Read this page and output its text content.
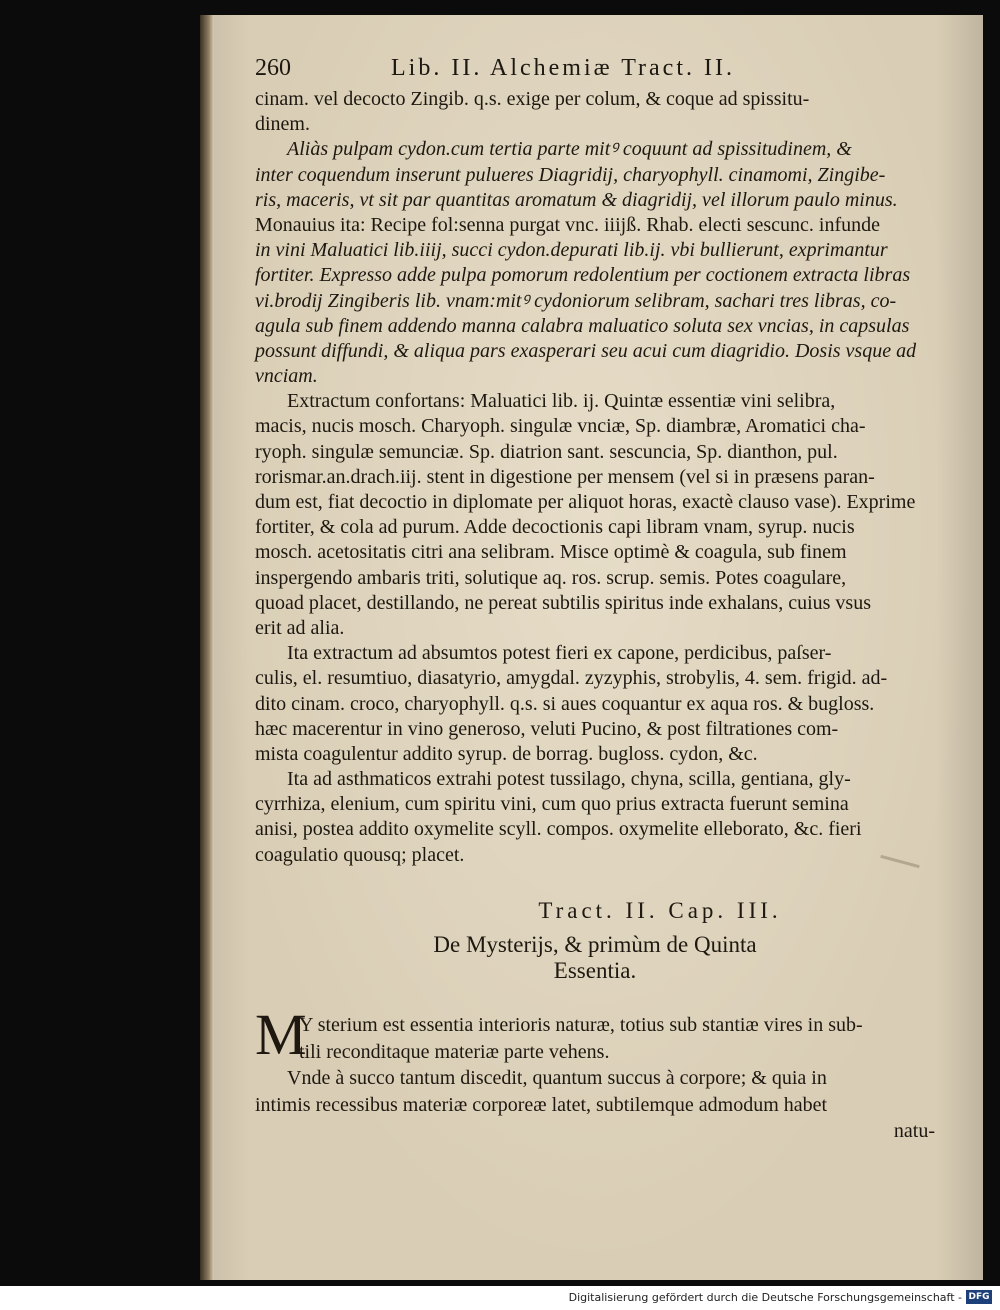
260	Lib. II. Alchemiæ Tract. II.
cinam. vel decocto Zingib. q.s. exige per colum, & coque ad spissitu-
dinem.
Aliàs pulpam cydon.cum tertia parte mitꝰ coquunt ad spissitudinem, &
inter coquendum inserunt pulueres Diagridij, charyophyll. cinamomi, Zingibe-
ris, maceris, vt sit par quantitas aromatum & diagridij, vel illorum paulo minus.
Monauius ita: Recipe fol:senna purgat vnc. iiijß. Rhab. electi sescunc. infunde
in vini Maluatici lib.iiij, succi cydon.depurati lib.ij. vbi bullierunt, exprimantur
fortiter. Expresso adde pulpa pomorum redolentium per coctionem extracta libras
vi.brodij Zingiberis lib. vnam:mitꝰ cydoniorum selibram, sachari tres libras, co-
agula sub finem addendo manna calabra maluatico soluta sex vncias, in capsulas
possunt diffundi, & aliqua pars exasperari seu acui cum diagridio. Dosis vsque ad
vnciam.
Extractum confortans: Maluatici lib. ij. Quintæ essentiæ vini selibra,
macis, nucis mosch. Charyoph. singulæ vnciæ, Sp. diambræ, Aromatici cha-
ryoph. singulæ semunciæ. Sp. diatrion sant. sescuncia, Sp. dianthon, pul.
rorismar.an.drach.iij. stent in digestione per mensem (vel si in præsens paran-
dum est, fiat decoctio in diplomate per aliquot horas, exactè clauso vase). Exprime
fortiter, & cola ad purum. Adde decoctionis capi libram vnam, syrup. nucis
mosch. acetositatis citri ana selibram. Misce optimè & coagula, sub finem
inspergendo ambaris triti, solutique aq. ros. scrup. semis. Potes coagulare,
quoad placet, destillando, ne pereat subtilis spiritus inde exhalans, cuius vsus
erit ad alia.
Ita extractum ad absumtos potest fieri ex capone, perdicibus, paſser-
culis, el. resumtiuo, diasatyrio, amygdal. zyzyphis, strobylis, 4. sem. frigid. ad-
dito cinam. croco, charyophyll. q.s. si aues coquantur ex aqua ros. & bugloss.
hæc macerentur in vino generoso, veluti Pucino, & post filtrationes com-
mista coagulentur addito syrup. de borrag. bugloss. cydon, &c.
Ita ad asthmaticos extrahi potest tussilago, chyna, scilla, gentiana, gly-
cyrrhiza, elenium, cum spiritu vini, cum quo prius extracta fuerunt semina
anisi, postea addito oxymelite scyll. compos. oxymelite elleborato, &c. fieri
coagulatio quousq; placet.
Tract. II. Cap. III.
De Mysterijs, & primùm de Quinta
Essentia.
M
Y sterium est essentia interioris naturæ, totius sub stantiæ vires in sub-
tili reconditaque materiæ parte vehens.
Vnde à succo tantum discedit, quantum succus à corpore; & quia in
intimis recessibus materiæ corporeæ latet, subtilemque admodum habet
natu-
Digitalisierung gefördert durch die Deutsche Forschungsgemeinschaft - DFG
